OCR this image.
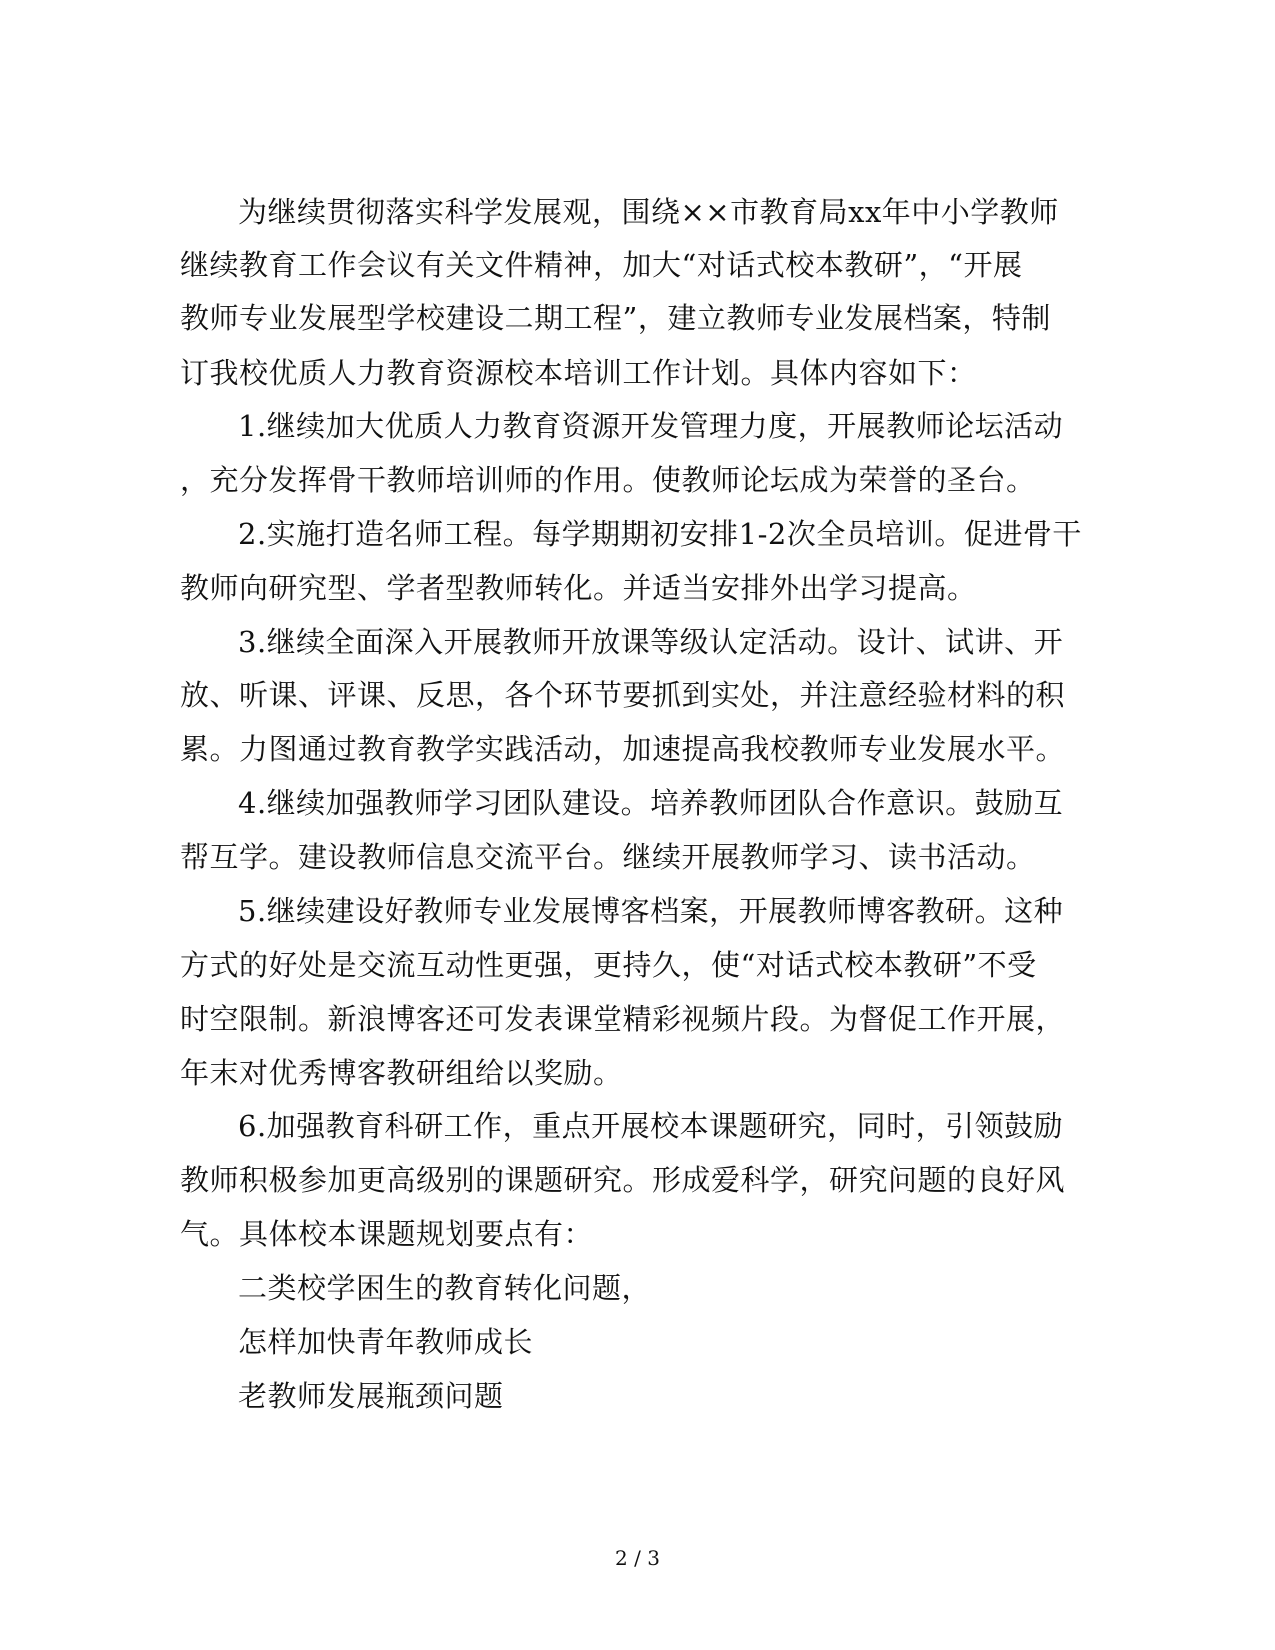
为继续贯彻落实科学发展观，围绕××市教育局xx年中小学教师
继续教育工作会议有关文件精神，加大“对话式校本教研”，“开展
教师专业发展型学校建设二期工程”，建立教师专业发展档案，特制
订我校优质人力教育资源校本培训工作计划。具体内容如下：
1.继续加大优质人力教育资源开发管理力度，开展教师论坛活动
，充分发挥骨干教师培训师的作用。使教师论坛成为荣誉的圣台。
2.实施打造名师工程。每学期期初安排1-2次全员培训。促进骨干
教师向研究型、学者型教师转化。并适当安排外出学习提高。
3.继续全面深入开展教师开放课等级认定活动。设计、试讲、开
放、听课、评课、反思，各个环节要抓到实处，并注意经验材料的积
累。力图通过教育教学实践活动，加速提高我校教师专业发展水平。
4.继续加强教师学习团队建设。培养教师团队合作意识。鼓励互
帮互学。建设教师信息交流平台。继续开展教师学习、读书活动。
5.继续建设好教师专业发展博客档案，开展教师博客教研。这种
方式的好处是交流互动性更强，更持久，使“对话式校本教研”不受
时空限制。新浪博客还可发表课堂精彩视频片段。为督促工作开展，
年末对优秀博客教研组给以奖励。
6.加强教育科研工作，重点开展校本课题研究，同时，引领鼓励
教师积极参加更高级别的课题研究。形成爱科学，研究问题的良好风
气。具体校本课题规划要点有：
二类校学困生的教育转化问题，
怎样加快青年教师成长
老教师发展瓶颈问题
2 / 3
